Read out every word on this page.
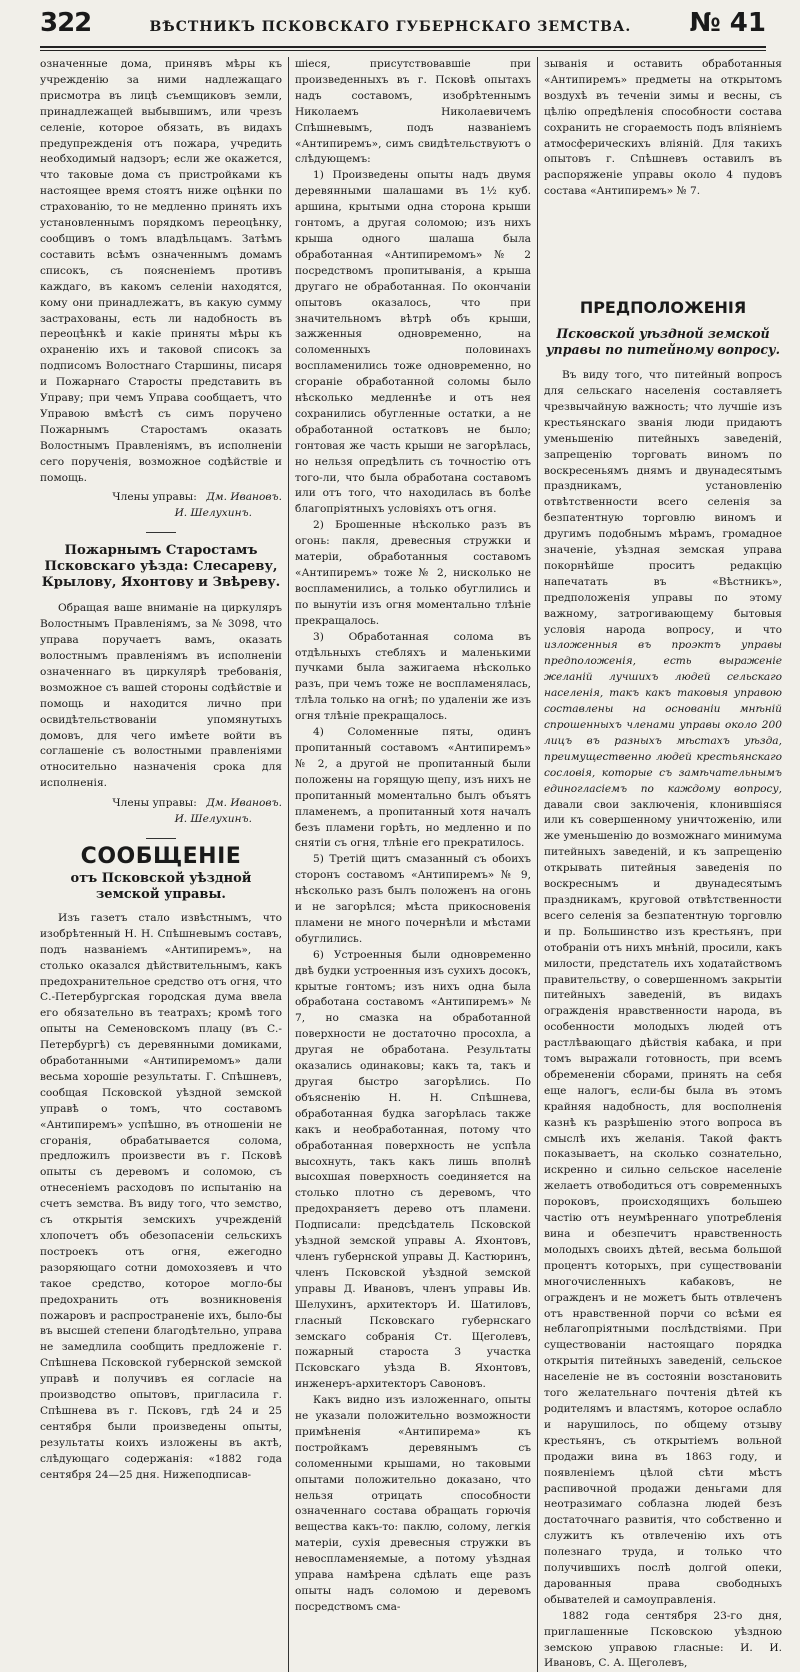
322	ВѢСТНИКЪ ПСКОВСКАГО ГУБЕРНСКАГО ЗЕМСТВА. № 41

означенные дома, принявъ мѣры къ учрежденію за ними надлежащаго присмотра въ лицѣ съемщиковъ земли, принадлежащей выбывшимъ, или чрезъ селеніе, которое обязать, въ видахъ предупрежденія отъ пожара, учредить необходимый надзоръ; если же окажется, что таковые дома съ пристройками къ настоящее время стоятъ ниже оцѣнки по страхованію, то не медленно принять ихъ установленнымъ порядкомъ переоцѣнку, сообщивъ о томъ владѣльцамъ. Затѣмъ составить всѣмъ означеннымъ домамъ списокъ, съ поясненіемъ противъ каждаго, въ какомъ селеніи находятся, кому они принадлежатъ, въ какую сумму застрахованы, есть ли надобность въ переоцѣнкѣ и какіе приняты мѣры къ охраненію ихъ и таковой списокъ за подписомъ Волостнаго Старшины, писаря и Пожарнаго Старосты представить въ Управу; при чемъ Управа сообщаетъ, что Управою вмѣстѣ съ симъ поручено Пожарнымъ Старостамъ оказать Волостнымъ Правленіямъ, въ исполненіи сего порученія, возможное содѣйствіе и помощь.

Члены управы: Дм. Ивановъ.
И. Шелухинъ.
Пожарнымъ Старостамъ Псковскаго уѣзда: Слесареву, Крылову, Яхонтову и Звѣреву.

Обращая ваше вниманіе на циркуляръ Волостнымъ Правленіямъ, за № 3098, что управа поручаетъ вамъ, оказать волостнымъ правленіямъ въ исполненіи означеннаго въ циркулярѣ требованія, возможное съ вашей стороны содѣйствіе и помощь и находится лично при освидѣтельствованіи упомянутыхъ домовъ, для чего имѣете войти въ соглашеніе съ волостными правленіями относительно назначенія срока для исполненія.

Члены управы: Дм. Ивановъ.
И. Шелухинъ.
СООБЩЕНІЕ
отъ Псковской уѣздной земской управы.

Изъ газетъ стало извѣстнымъ, что изобрѣтенный Н. Н. Спѣшневымъ составъ, подъ названіемъ «Антипиремъ», на столько оказался дѣйствительнымъ, какъ предохранительное средство отъ огня, что С.-Петербургская городская дума ввела его обязательно въ театрахъ; кромѣ того опыты на Семеновскомъ плацу (въ С.-Петербургѣ) съ деревянными домиками, обработанными «Антипиремомъ» дали весьма хорошіе результаты. Г. Спѣшневъ, сообщая Псковской уѣздной земской управѣ о томъ, что составомъ «Антипиремъ» успѣшно, въ отношеніи не сгоранія, обрабатывается солома, предложилъ произвести въ г. Псковѣ опыты съ деревомъ и соломою, съ отнесеніемъ расходовъ по испытанію на счетъ земства. Въ виду того, что земство, съ открытія земскихъ учрежденій хлопочетъ объ обезопасеніи сельскихъ построекъ отъ огня, ежегодно разоряющаго сотни домохозяевъ и что такое средство, которое могло-бы предохранить отъ возникновенія пожаровъ и распространеніе ихъ, было-бы въ высшей степени благодѣтельно, управа не замедлила сообщить предложеніе г. Спѣшнева Псковской губернской земской управѣ и получивъ ея согласіе на производство опытовъ, пригласила г. Спѣшнева въ г. Псковъ, гдѣ 24 и 25 сентября были произведены опыты, результаты коихъ изложены въ актѣ, слѣдующаго содержанія: «1882 года сентября 24—25 дня. Нижеподписав-

шіеся, присутствовавшіе при произведенныхъ въ г. Псковѣ опытахъ надъ составомъ, изобрѣтеннымъ Николаемъ Николаевичемъ Спѣшневымъ, подъ названіемъ «Антипиремъ», симъ свидѣтельствуютъ о слѣдующемъ:

1) Произведены опыты надъ двумя деревянными шалашами въ 1½ куб. аршина, крытыми одна сторона крыши гонтомъ, а другая соломою; изъ нихъ крыша одного шалаша была обработанная «Антипиремомъ» № 2 посредствомъ пропитыванія, а крыша другаго не обработанная. По окончаніи опытовъ оказалось, что при значительномъ вѣтрѣ объ крыши, зажженныя одновременно, на соломенныхъ половинахъ воспламенились тоже одновременно, но сгораніе обработанной соломы было нѣсколько медленнѣе и отъ нея сохранились обугленные остатки, а не обработанной остатковъ не было; гонтовая же часть крыши не загорѣлась, но нельзя опредѣлить съ точностію отъ того-ли, что была обработана составомъ или отъ того, что находилась въ болѣе благопріятныхъ условіяхъ отъ огня.

2) Брошенные нѣсколько разъ въ огонь: пакля, древесныя стружки и матеріи, обработанныя составомъ «Антипиремъ» тоже № 2, нисколько не воспламенились, а только обуглились и по вынутіи изъ огня моментально тлѣніе прекращалось.

3) Обработанная солома въ отдѣльныхъ стебляхъ и маленькими пучками была зажигаема нѣсколько разъ, при чемъ тоже не воспламенялась, тлѣла только на огнѣ; по удаленіи же изъ огня тлѣніе прекращалось.

4) Соломенные пяты, одинъ пропитанный составомъ «Антипиремъ» № 2, а другой не пропитанный были положены на горящую щепу, изъ нихъ не пропитанный моментально былъ объятъ пламенемъ, а пропитанный хотя началъ безъ пламени горѣть, но медленно и по снятіи съ огня, тлѣніе его прекратилось.

5) Третій щитъ смазанный съ обоихъ сторонъ составомъ «Антипиремъ» № 9, нѣсколько разъ былъ положенъ на огонь и не загорѣлся; мѣста прикосновенія пламени не много почернѣли и мѣстами обуглились.

6) Устроенныя были одновременно двѣ будки устроенныя изъ сухихъ досокъ, крытые гонтомъ; изъ нихъ одна была обработана составомъ «Антипиремъ» № 7, но смазка на обработанной поверхности не достаточно просохла, а другая не обработана. Результаты оказались одинаковы; какъ та, такъ и другая быстро загорѣлись. По объясненію Н. Н. Спѣшнева, обработанная будка загорѣлась также какъ и необработанная, потому что обработанная поверхность не успѣла высохнуть, такъ какъ лишь вполнѣ высохшая поверхность соединяется на столько плотно съ деревомъ, что предохраняетъ дерево отъ пламени. Подписали: предсѣдатель Псковской уѣздной земской управы А. Яхонтовъ, членъ губернской управы Д. Кастюринъ, членъ Псковской уѣздной земской управы Д. Ивановъ, членъ управы Ив. Шелухинъ, архитекторъ И. Шатиловъ, гласный Псковскаго губернскаго земскаго собранія Ст. Щеголевъ, пожарный староста 3 участка Псковскаго уѣзда В. Яхонтовъ, инженеръ-архитекторъ Савоновъ.

Какъ видно изъ изложеннаго, опыты не указали положительно возможности примѣненія «Антипирема» къ постройкамъ деревянымъ съ соломенными крышами, но таковыми опытами положительно доказано, что нельзя отрицать способности означеннаго состава обращать горючія вещества какъ-то: паклю, солому, легкія матеріи, сухія древесныя стружки въ невоспламеняемые, а потому уѣздная управа намѣрена сдѣлать еще разъ опыты надъ соломою и деревомъ посредствомъ сма-

зыванія и оставить обработанныя «Антипиремъ» предметы на открытомъ воздухѣ въ теченіи зимы и весны, съ цѣлію опредѣленія способности состава сохранить не сгораемость подъ вліяніемъ атмосферическихъ вліяній. Для такихъ опытовъ г. Спѣшневъ оставилъ въ распоряженіе управы около 4 пудовъ состава «Антипиремъ» № 7.

ПРЕДПОЛОЖЕНІЯ
Псковской уѣздной земской управы по питейному вопросу.

Въ виду того, что питейный вопросъ для сельскаго населенія составляетъ чрезвычайную важность; что лучшіе изъ крестьянскаго званія люди придаютъ уменьшенію питейныхъ заведеній, запрещенію торговать виномъ по воскресеньямъ днямъ и двунадесятымъ праздникамъ, установленію отвѣтственности всего селенія за безпатентную торговлю виномъ и другимъ подобнымъ мѣрамъ, громадное значеніе, уѣздная земская управа покорнѣйше проситъ редакцію напечатать въ «Вѣстникъ», предположенія управы по этому важному, затрогивающему бытовыя условія народа вопросу, и что изложенныя въ проэктъ управы предположенія, есть выраженіе желаній лучшихъ людей сельскаго населенія, такъ какъ таковыя управою составлены на основаніи мнѣній спрошенныхъ членами управы около 200 лицъ въ разныхъ мѣстахъ уѣзда, преимущественно людей крестьянскаго сословія, которые съ замѣчательнымъ единогласіемъ по каждому вопросу, давали свои заключенія, клонившіяся или къ совершенному уничтоженію, или же уменьшенію до возможнаго минимума питейныхъ заведеній, и къ запрещенію открывать питейныя заведенія по воскреснымъ и двунадесятымъ праздникамъ, круговой отвѣтственности всего селенія за безпатентную торговлю и пр. Большинство изъ крестьянъ, при отобраніи отъ нихъ мнѣній, просили, какъ милости, предстатель ихъ ходатайствомъ правительству, о совершенномъ закрытіи питейныхъ заведеній, въ видахъ огражденія нравственности народа, въ особенности молодыхъ людей отъ растлѣвающаго дѣйствія кабака, и при томъ выражали готовность, при всемъ обремененіи сборами, принять на себя еще налогъ, если-бы была въ этомъ крайняя надобность, для восполненія казнѣ къ разрѣшенію этого вопроса въ смыслѣ ихъ желанія. Такой фактъ показываетъ, на сколько сознательно, искренно и сильно сельское населеніе желаетъ отвободиться отъ современныхъ пороковъ, происходящихъ большею частію отъ неумѣреннаго употребленія вина и обезпечитъ нравственность молодыхъ своихъ дѣтей, весьма большой процентъ которыхъ, при существованіи многочисленныхъ кабаковъ, не огражденъ и не можетъ быть отвлеченъ отъ нравственной порчи со всѣми ея неблагопріятными послѣдствіями. При существованіи настоящаго порядка открытія питейныхъ заведеній, сельское населеніе не въ состояніи возстановить того желательнаго почтенія дѣтей къ родителямъ и властямъ, которое ослабло и нарушилось, по общему отзыву крестьянъ, съ открытіемъ вольной продажи вина въ 1863 году, и появленіемъ цѣлой сѣти мѣстъ распивочной продажи деньгами для неотразимаго соблазна людей безъ достаточнаго развитія, что собственно и служитъ къ отвлеченію ихъ отъ полезнаго труда, и только что получившихъ послѣ долгой опеки, дарованныя права свободныхъ обывателей и самоуправленія.

1882 года сентября 23-го дня, приглашенные Псковскою уѣздною земскою управою гласные: И. И. Ивановъ, С. А. Щеголевъ,
